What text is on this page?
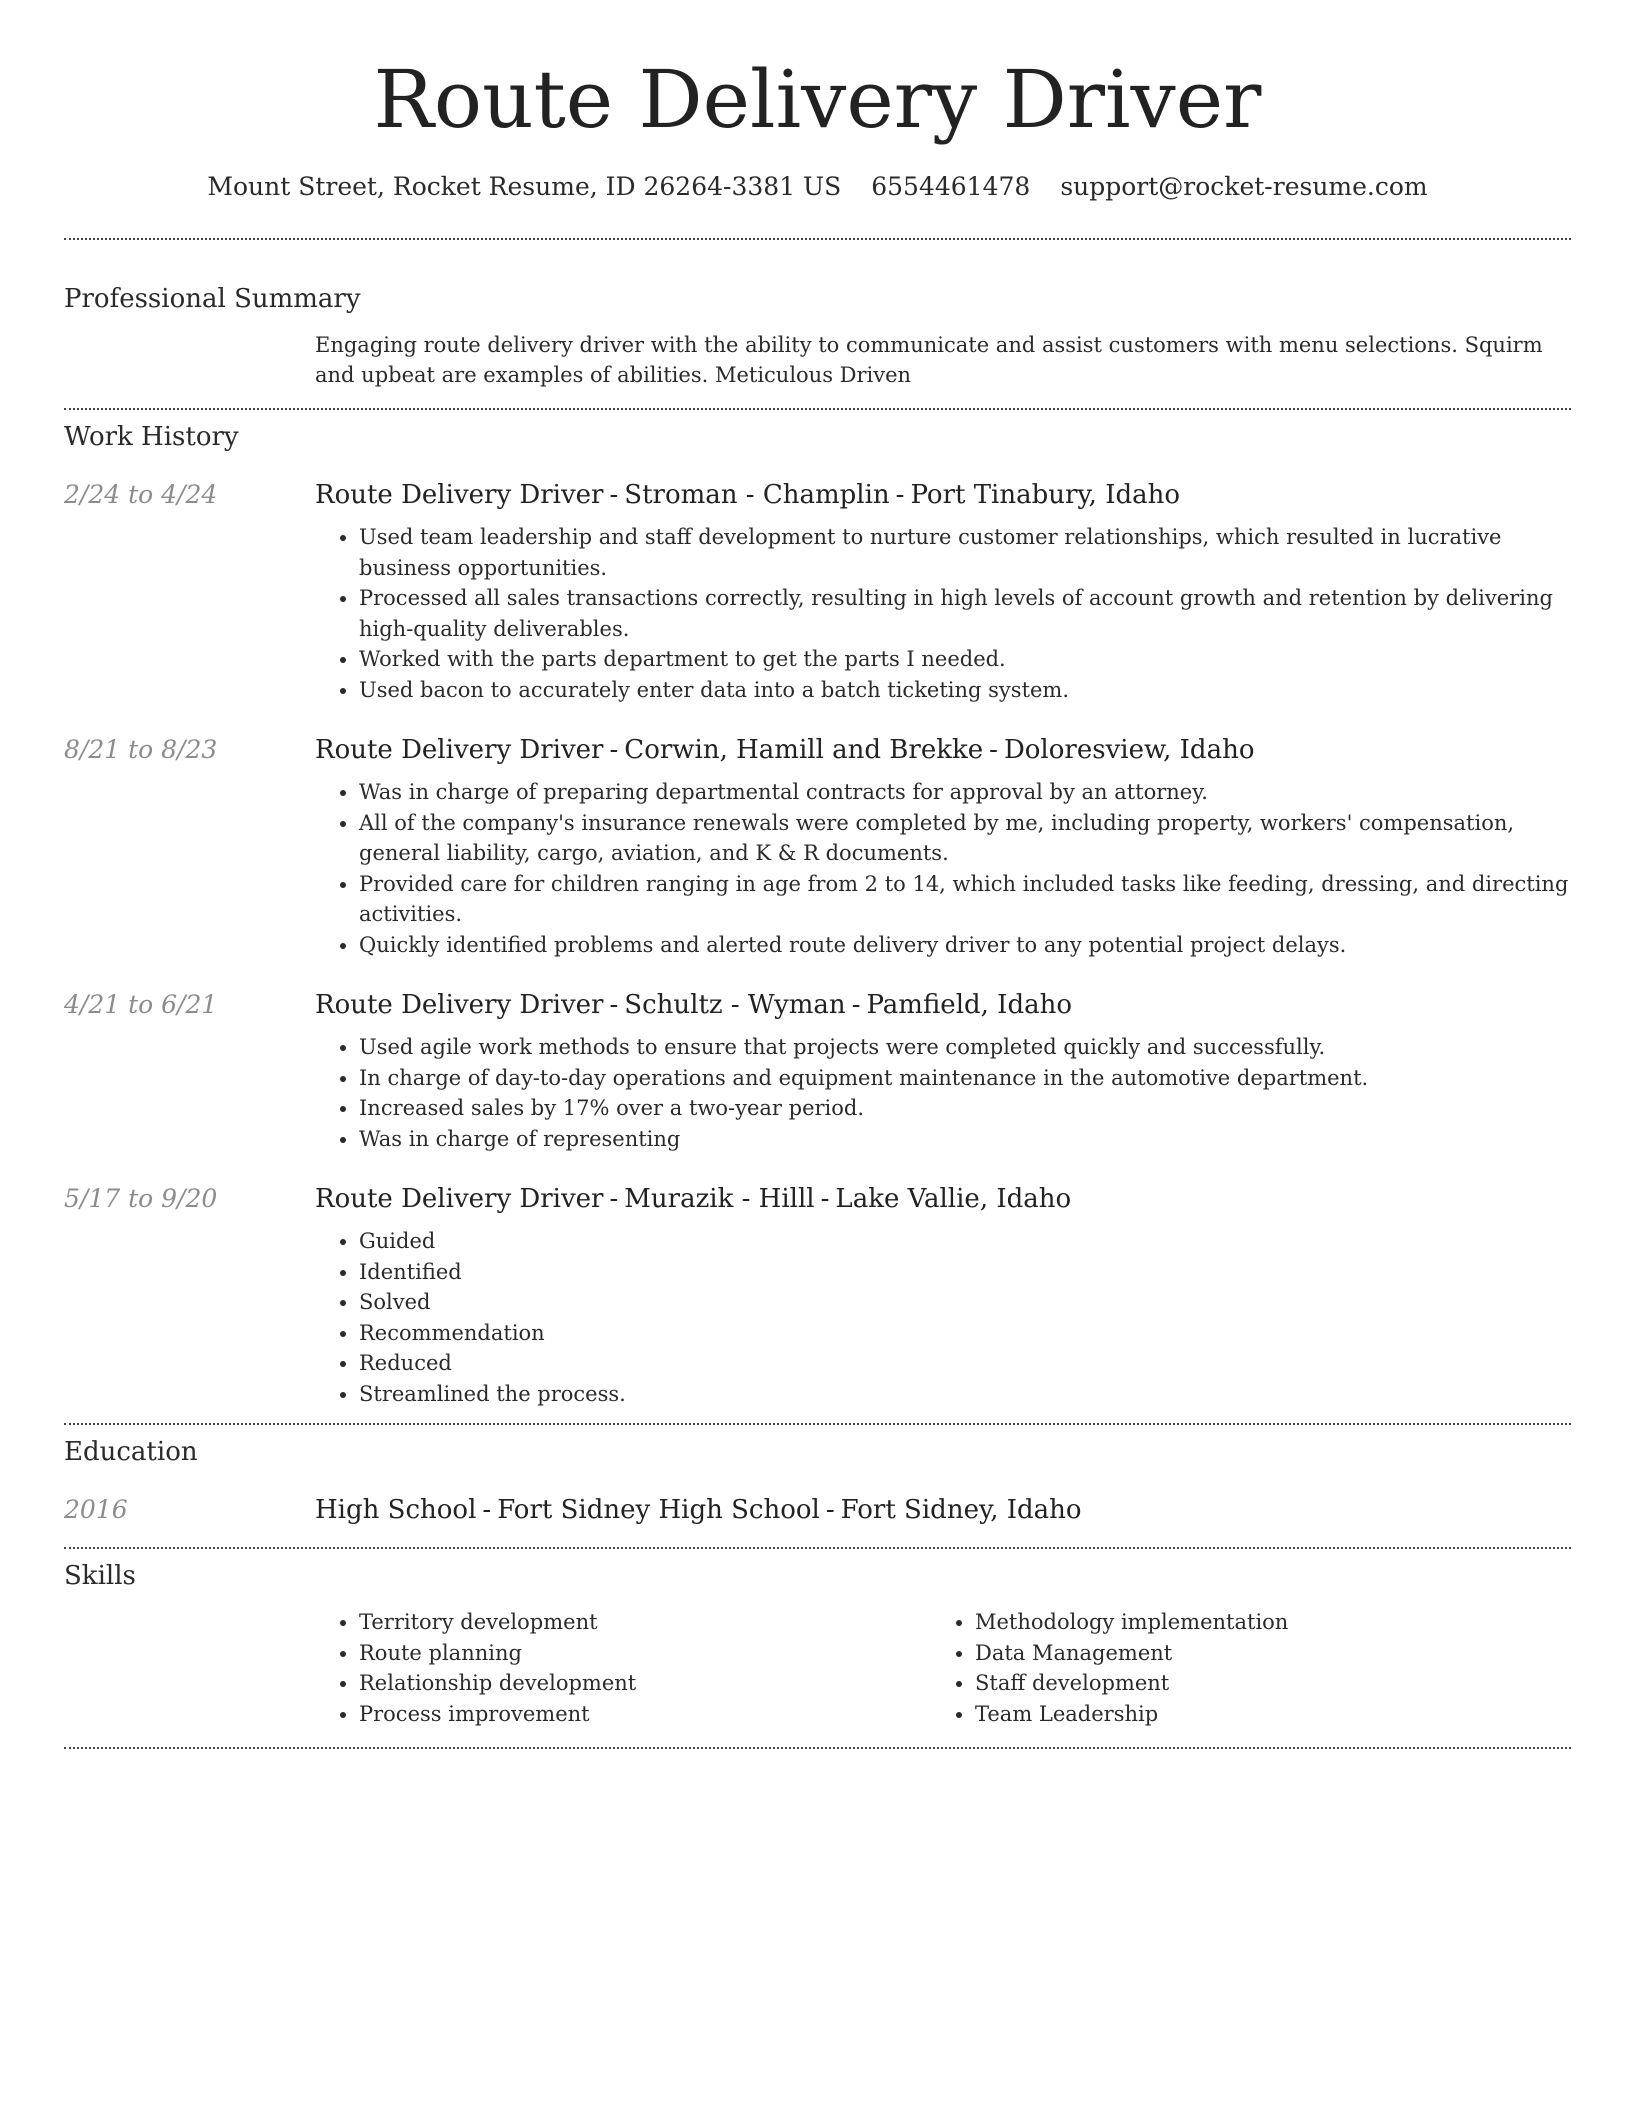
Route Delivery Driver
Mount Street, Rocket Resume, ID 26264-3381 US 6554461478 support@rocket-resume.com
Professional Summary
Engaging route delivery driver with the ability to communicate and assist customers with menu selections. Squirm and upbeat are examples of abilities. Meticulous Driven
Work History
2/24 to 4/24	Route Delivery Driver - Stroman - Champlin - Port Tinabury, Idaho
• Used team leadership and staff development to nurture customer relationships, which resulted in lucrative business opportunities.
• Processed all sales transactions correctly, resulting in high levels of account growth and retention by delivering high-quality deliverables.
• Worked with the parts department to get the parts I needed.
• Used bacon to accurately enter data into a batch ticketing system.
8/21 to 8/23	Route Delivery Driver - Corwin, Hamill and Brekke - Doloresview, Idaho
• Was in charge of preparing departmental contracts for approval by an attorney.
• All of the company's insurance renewals were completed by me, including property, workers' compensation, general liability, cargo, aviation, and K & R documents.
• Provided care for children ranging in age from 2 to 14, which included tasks like feeding, dressing, and directing activities.
• Quickly identified problems and alerted route delivery driver to any potential project delays.
4/21 to 6/21	Route Delivery Driver - Schultz - Wyman - Pamfield, Idaho
• Used agile work methods to ensure that projects were completed quickly and successfully.
• In charge of day-to-day operations and equipment maintenance in the automotive department.
• Increased sales by 17% over a two-year period.
• Was in charge of representing
5/17 to 9/20	Route Delivery Driver - Murazik - Hilll - Lake Vallie, Idaho
• Guided
• Identified
• Solved
• Recommendation
• Reduced
• Streamlined the process.
Education
2016	High School - Fort Sidney High School - Fort Sidney, Idaho
Skills
• Territory development
• Route planning
• Relationship development
• Process improvement
• Methodology implementation
• Data Management
• Staff development
• Team Leadership
